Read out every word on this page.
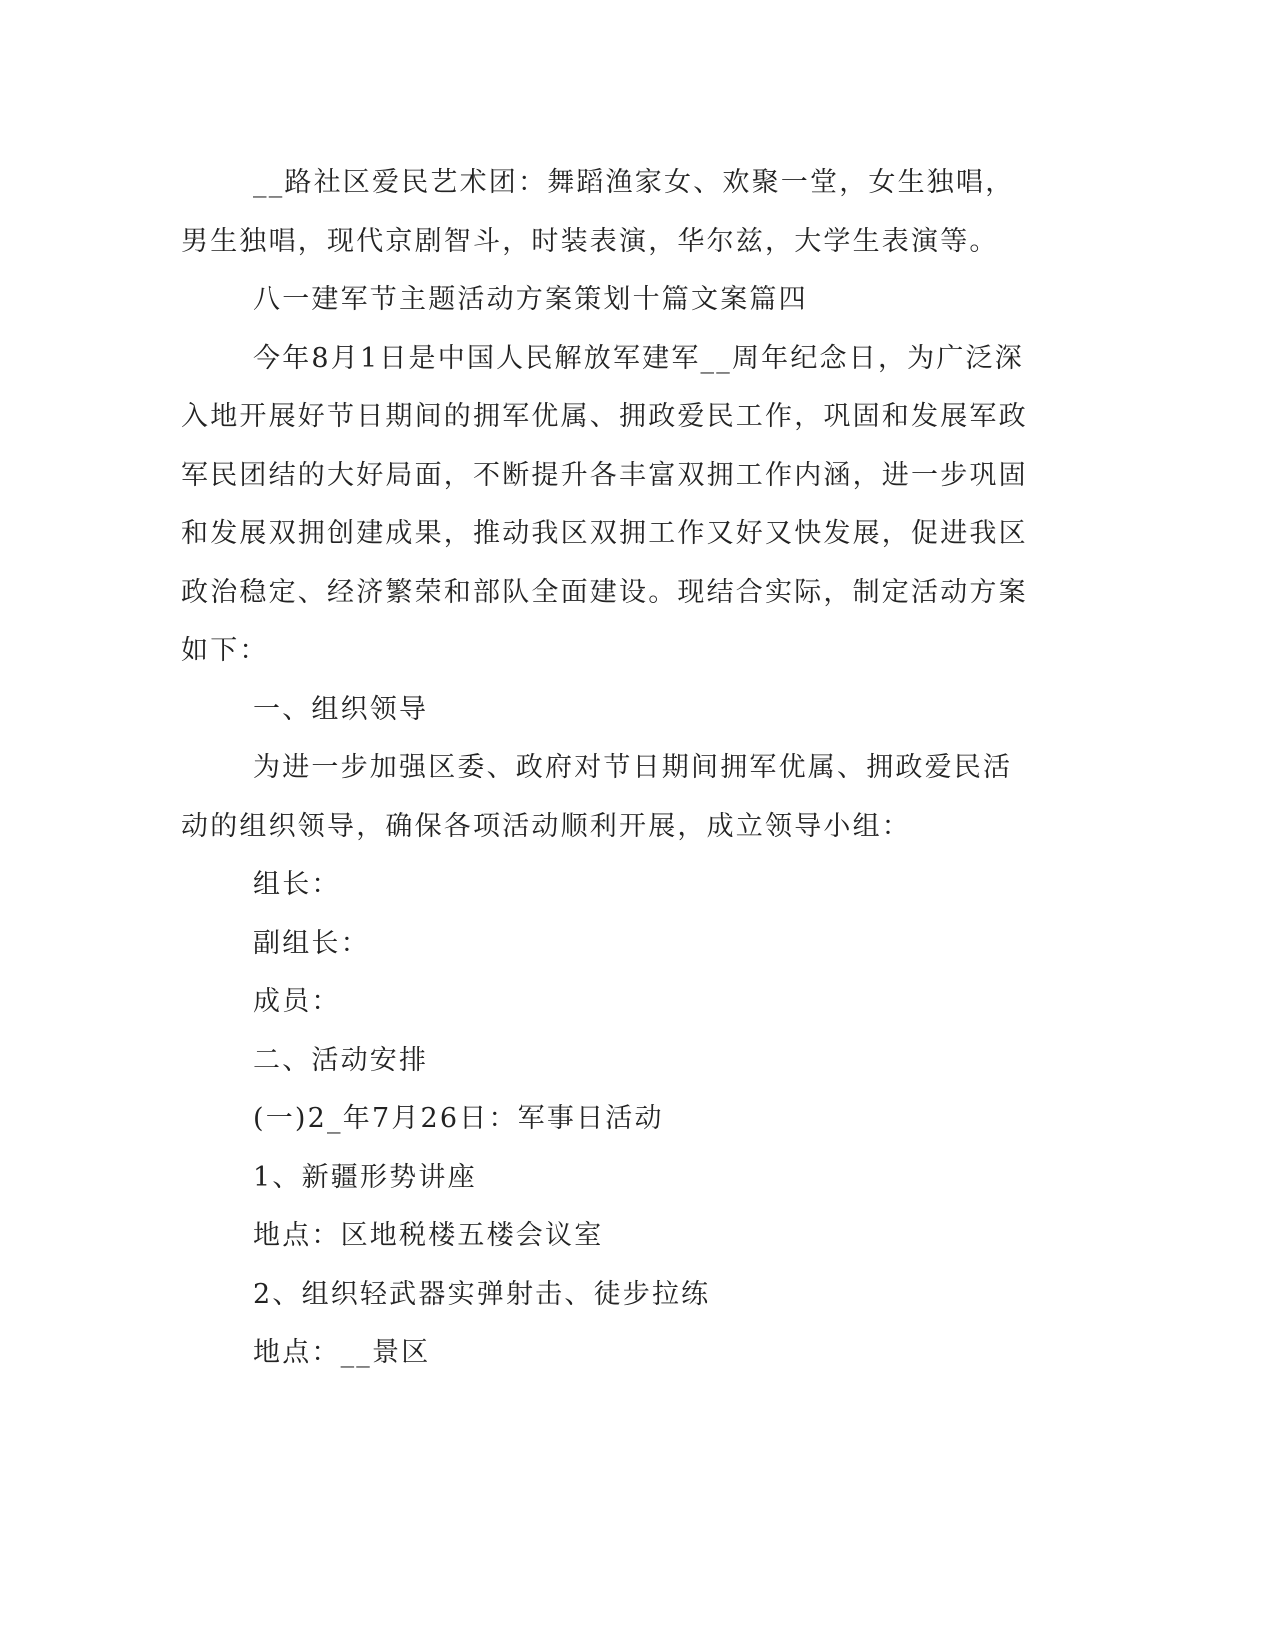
__路社区爱民艺术团：舞蹈渔家女、欢聚一堂，女生独唱，男生独唱，现代京剧智斗，时装表演，华尔兹，大学生表演等。

八一建军节主题活动方案策划十篇文案篇四

今年8月1日是中国人民解放军建军__周年纪念日，为广泛深入地开展好节日期间的拥军优属、拥政爱民工作，巩固和发展军政军民团结的大好局面，不断提升各丰富双拥工作内涵，进一步巩固和发展双拥创建成果，推动我区双拥工作又好又快发展，促进我区政治稳定、经济繁荣和部队全面建设。现结合实际，制定活动方案如下：

一、组织领导

为进一步加强区委、政府对节日期间拥军优属、拥政爱民活动的组织领导，确保各项活动顺利开展，成立领导小组：

组长：

副组长：

成员：

二、活动安排

(一)2_年7月26日：军事日活动

1、新疆形势讲座

地点：区地税楼五楼会议室

2、组织轻武器实弹射击、徒步拉练

地点：__景区
